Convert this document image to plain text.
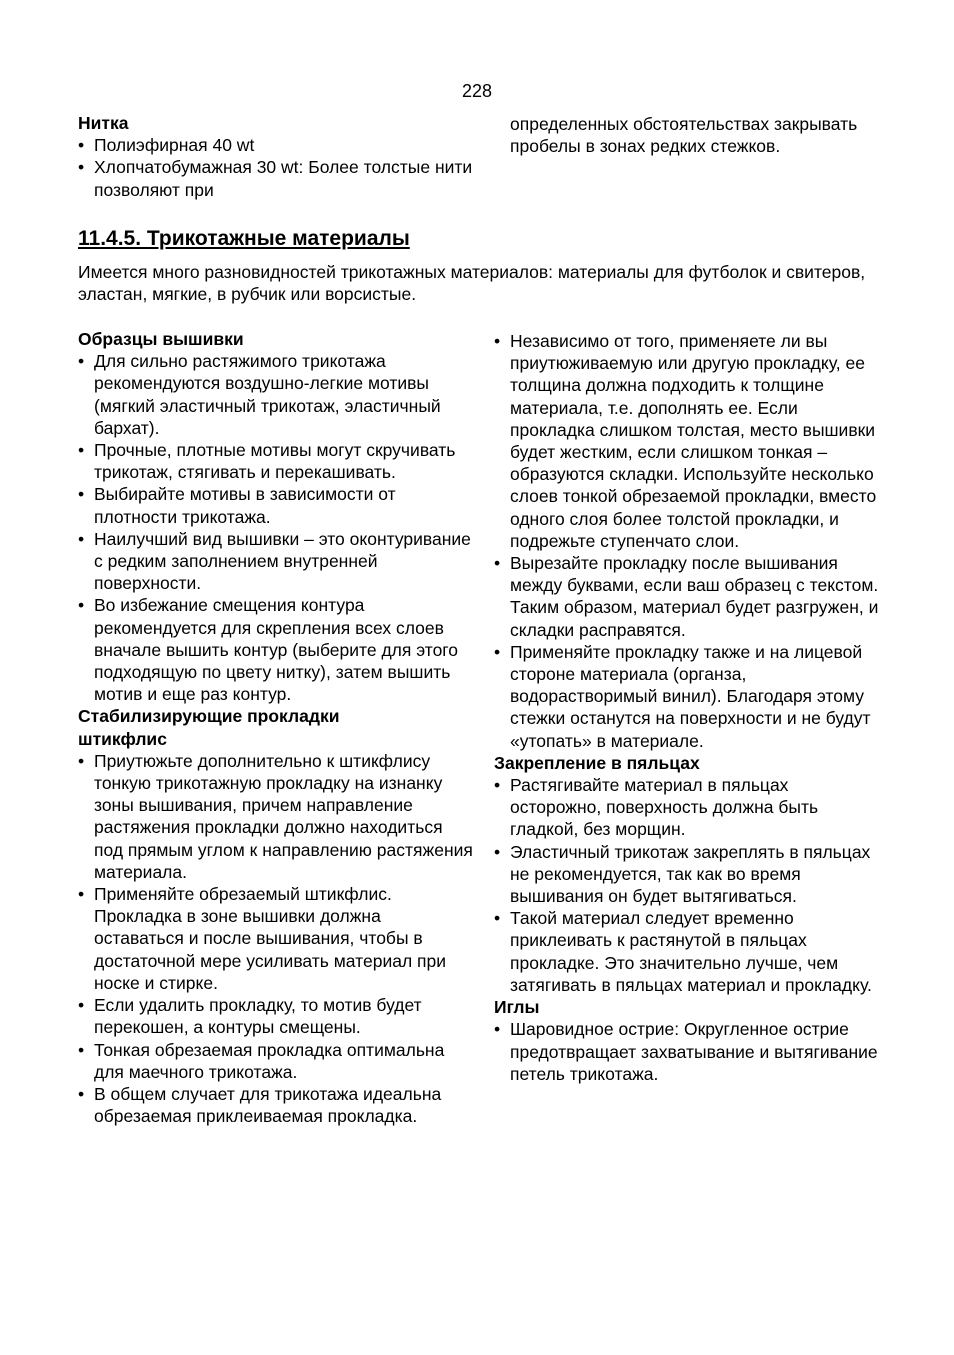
228
Нитка
• Полиэфирная 40 wt
• Хлопчатобумажная 30 wt: Более толстые нити позволяют при
определенных обстоятельствах закрывать пробелы в зонах редких стежков.
11.4.5. Трикотажные материалы
Имеется много разновидностей трикотажных материалов: материалы для футболок и свитеров, эластан, мягкие, в рубчик или ворсистые.
Образцы вышивки
• Для сильно растяжимого трикотажа рекомендуются воздушно-легкие мотивы (мягкий эластичный трикотаж, эластичный бархат).
• Прочные, плотные мотивы могут скручивать трикотаж, стягивать и перекашивать.
• Выбирайте мотивы в зависимости от плотности трикотажа.
• Наилучший вид вышивки – это оконтуривание с редким заполнением внутренней поверхности.
• Во избежание смещения контура рекомендуется для скрепления всех слоев вначале вышить контур (выберите для этого подходящую по цвету нитку), затем вышить мотив и еще раз контур.
Стабилизирующие прокладки штикфлис
• Приутюжьте дополнительно к штикфлису тонкую трикотажную прокладку на изнанку зоны вышивания, причем направление растяжения прокладки должно находиться под прямым углом к направлению растяжения материала.
• Применяйте обрезаемый штикфлис. Прокладка в зоне вышивки должна оставаться и после вышивания, чтобы в достаточной мере усиливать материал при носке и стирке.
• Если удалить прокладку, то мотив будет перекошен, а контуры смещены.
• Тонкая обрезаемая прокладка оптимальна для маечного трикотажа.
• В общем случает для трикотажа идеальна обрезаемая приклеиваемая прокладка.
• Независимо от того, применяете ли вы приутюживаемую или другую прокладку, ее толщина должна подходить к толщине материала, т.е. дополнять ее. Если прокладка слишком толстая, место вышивки будет жестким, если слишком тонкая – образуются складки. Используйте несколько слоев тонкой обрезаемой прокладки, вместо одного слоя более толстой прокладки, и подрежьте ступенчато слои.
• Вырезайте прокладку после вышивания между буквами, если ваш образец с текстом. Таким образом, материал будет разгружен, и складки расправятся.
• Применяйте прокладку также и на лицевой стороне материала (органза, водорастворимый винил). Благодаря этому стежки останутся на поверхности и не будут «утопать» в материале.
Закрепление в пяльцах
• Растягивайте материал в пяльцах осторожно, поверхность должна быть гладкой, без морщин.
• Эластичный трикотаж закреплять в пяльцах не рекомендуется, так как во время вышивания он будет вытягиваться.
• Такой материал следует временно приклеивать к растянутой в пяльцах прокладке. Это значительно лучше, чем затягивать в пяльцах материал и прокладку.
Иглы
• Шаровидное острие: Округленное острие предотвращает захватывание и вытягивание петель трикотажа.
